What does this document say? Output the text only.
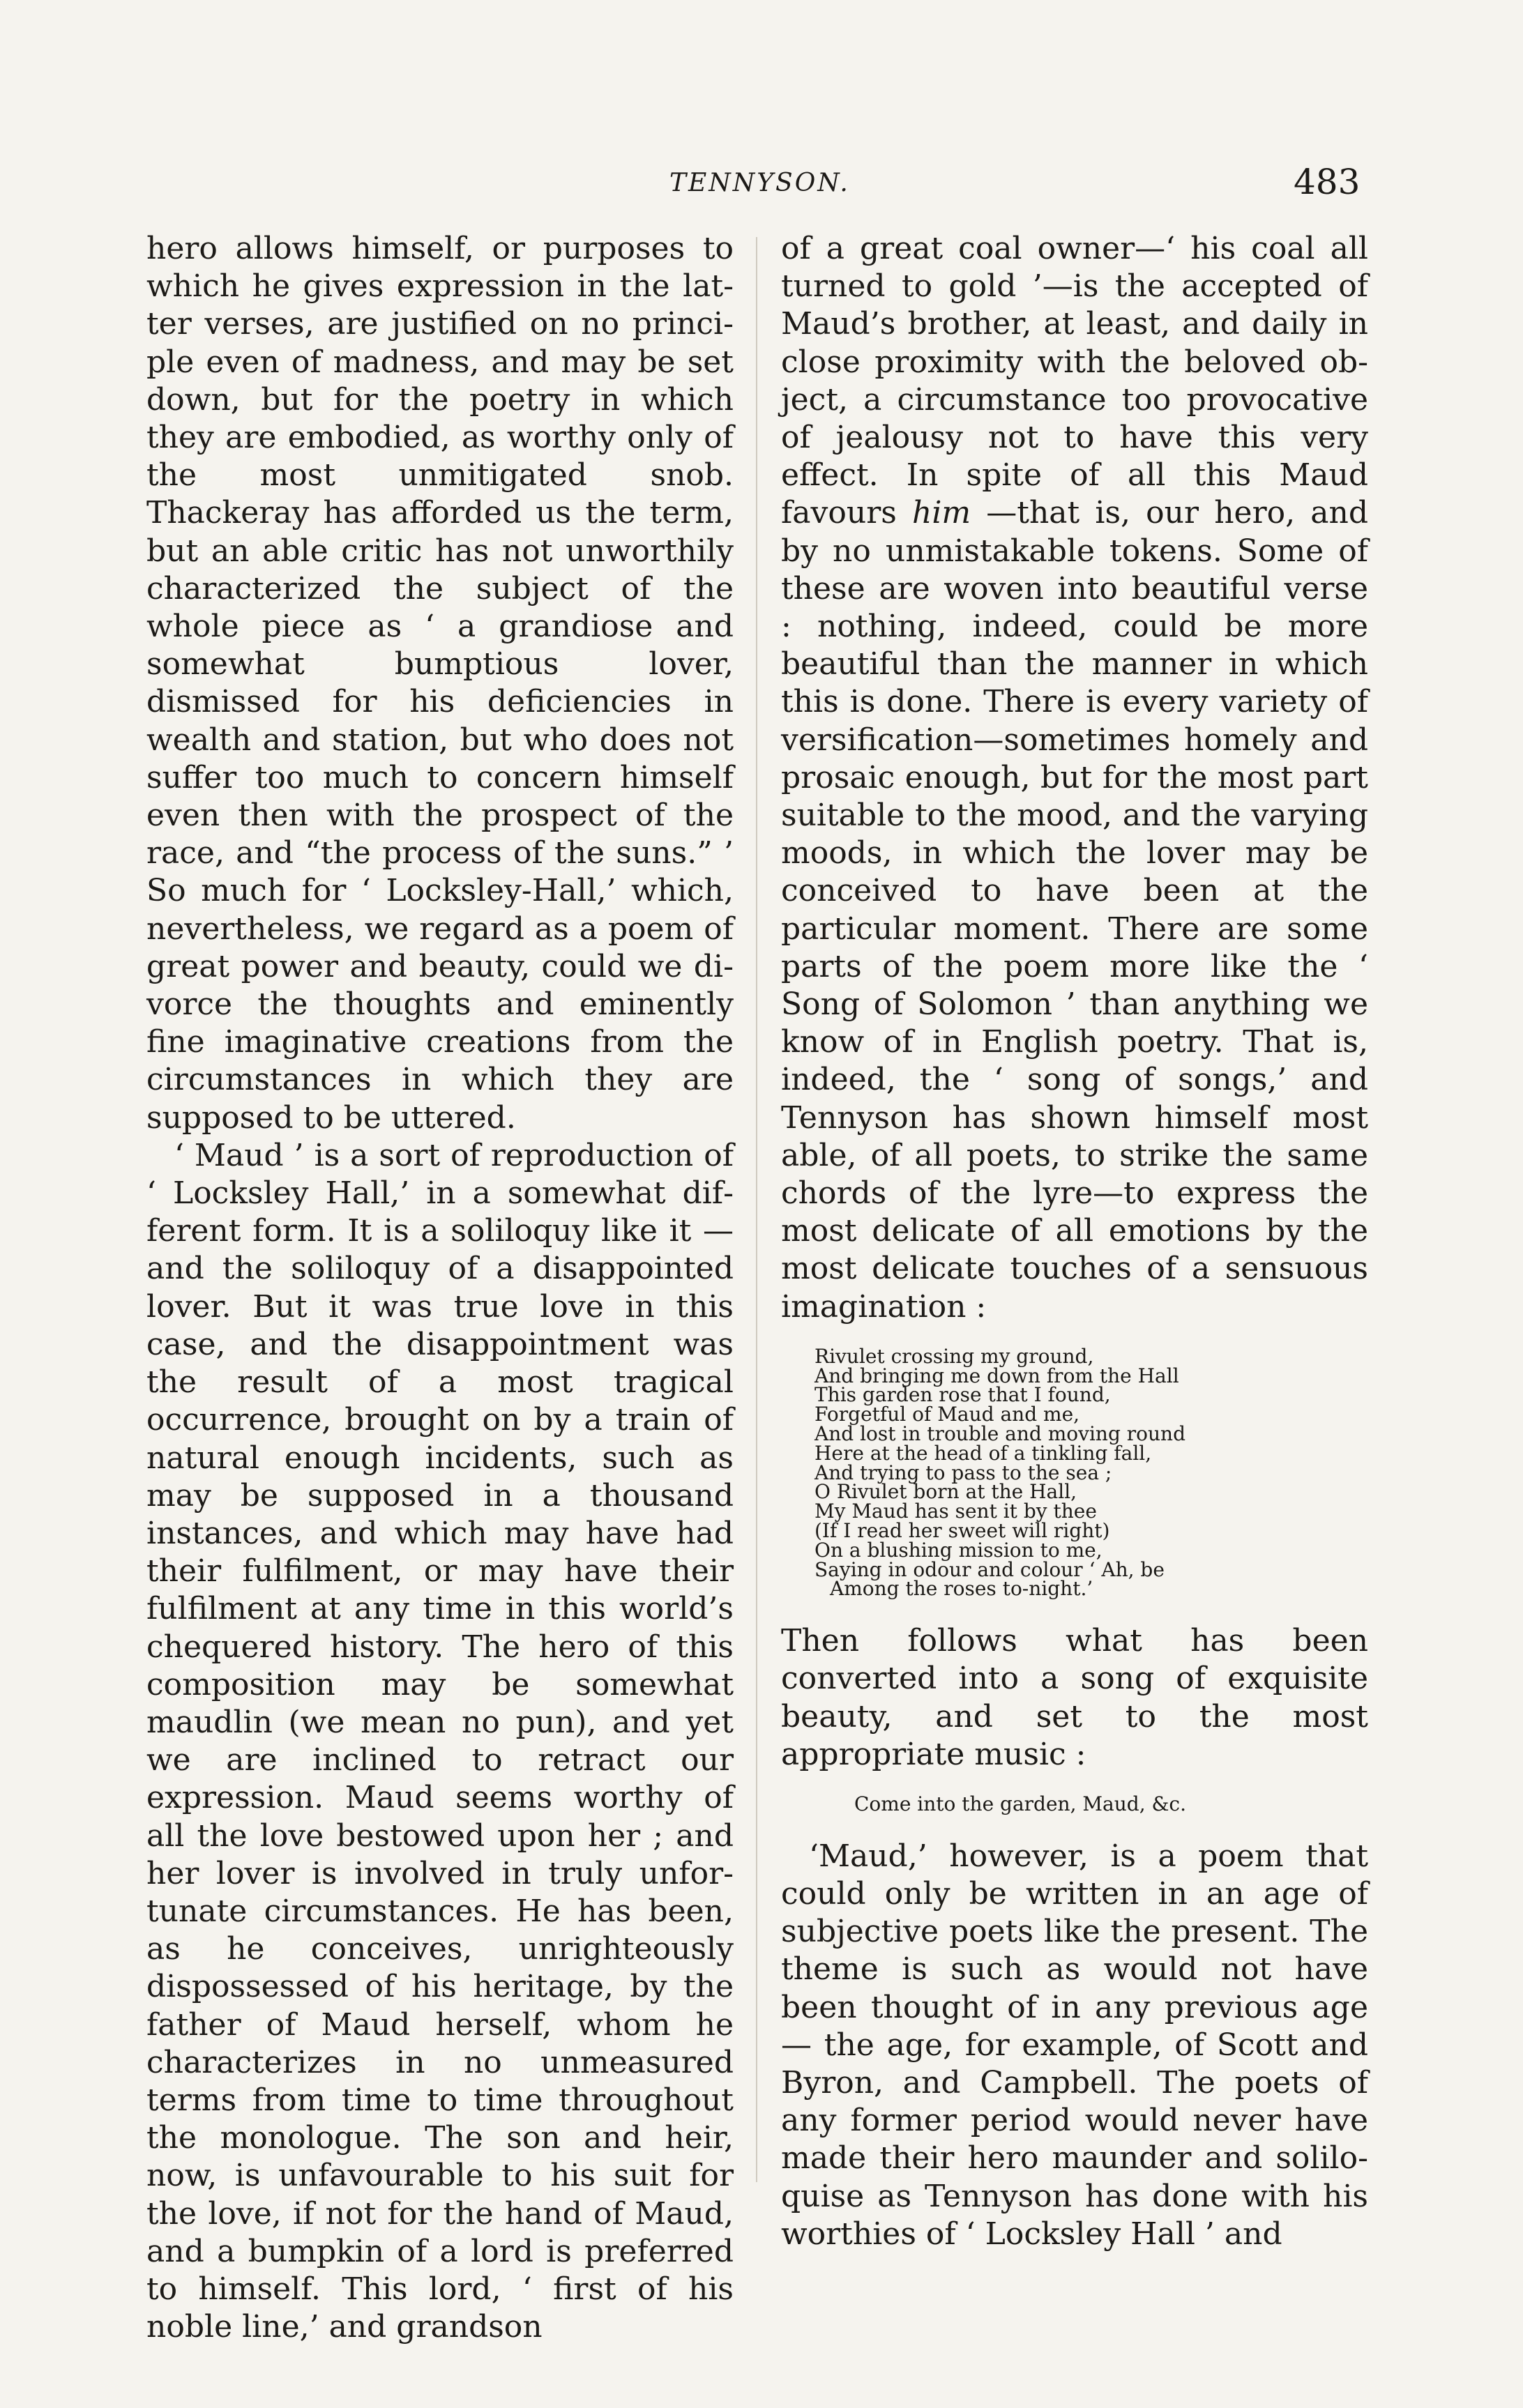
TENNYSON.	483

hero allows himself, or purposes to which he gives expression in the latter verses, are justified on no principle even of madness, and may be set down, but for the poetry in which they are embodied, as worthy only of the most unmitigated snob. Thackeray has afforded us the term, but an able critic has not unworthily characterized the subject of the whole piece as ‘ a grandiose and somewhat bumptious lover, dismissed for his deficiencies in wealth and station, but who does not suffer too much to concern himself even then with the prospect of the race, and “the process of the suns.” ’ So much for ‘ Locksley-Hall,’ which, nevertheless, we regard as a poem of great power and beauty, could we divorce the thoughts and eminently fine imaginative creations from the circumstances in which they are supposed to be uttered.

‘ Maud ’ is a sort of reproduction of ‘ Locksley Hall,’ in a somewhat different form. It is a soliloquy like it —and the soliloquy of a disappointed lover. But it was true love in this case, and the disappointment was the result of a most tragical occurrence, brought on by a train of natural enough incidents, such as may be supposed in a thousand instances, and which may have had their fulfilment, or may have their fulfilment at any time in this world’s chequered history. The hero of this composition may be somewhat maudlin (we mean no pun), and yet we are inclined to retract our expression. Maud seems worthy of all the love bestowed upon her ; and her lover is involved in truly unfortunate circumstances. He has been, as he conceives, unrighteously dispossessed of his heritage, by the father of Maud herself, whom he characterizes in no unmeasured terms from time to time throughout the monologue. The son and heir, now, is unfavourable to his suit for the love, if not for the hand of Maud, and a bumpkin of a lord is preferred to himself. This lord, ‘ first of his noble line,’ and grandson

of a great coal owner—‘ his coal all turned to gold ’—is the accepted of Maud’s brother, at least, and daily in close proximity with the beloved object, a circumstance too provocative of jealousy not to have this very effect. In spite of all this Maud favours him —that is, our hero, and by no unmistakable tokens. Some of these are woven into beautiful verse : nothing, indeed, could be more beautiful than the manner in which this is done. There is every variety of versification—sometimes homely and prosaic enough, but for the most part suitable to the mood, and the varying moods, in which the lover may be conceived to have been at the particular moment. There are some parts of the poem more like the ‘ Song of Solomon ’ than anything we know of in English poetry. That is, indeed, the ‘ song of songs,’ and Tennyson has shown himself most able, of all poets, to strike the same chords of the lyre—to express the most delicate of all emotions by the most delicate touches of a sensuous imagination :

Rivulet crossing my ground,
And bringing me down from the Hall
This garden rose that I found,
Forgetful of Maud and me,
And lost in trouble and moving round
Here at the head of a tinkling fall,
And trying to pass to the sea ;
O Rivulet born at the Hall,
My Maud has sent it by thee
(If I read her sweet will right)
On a blushing mission to me,
Saying in odour and colour ‘ Ah, be
Among the roses to-night.’

Then follows what has been converted into a song of exquisite beauty, and set to the most appropriate music :

Come into the garden, Maud, &c.

‘Maud,’ however, is a poem that could only be written in an age of subjective poets like the present. The theme is such as would not have been thought of in any previous age— the age, for example, of Scott and Byron, and Campbell. The poets of any former period would never have made their hero maunder and soliloquise as Tennyson has done with his worthies of ‘ Locksley Hall ’ and
